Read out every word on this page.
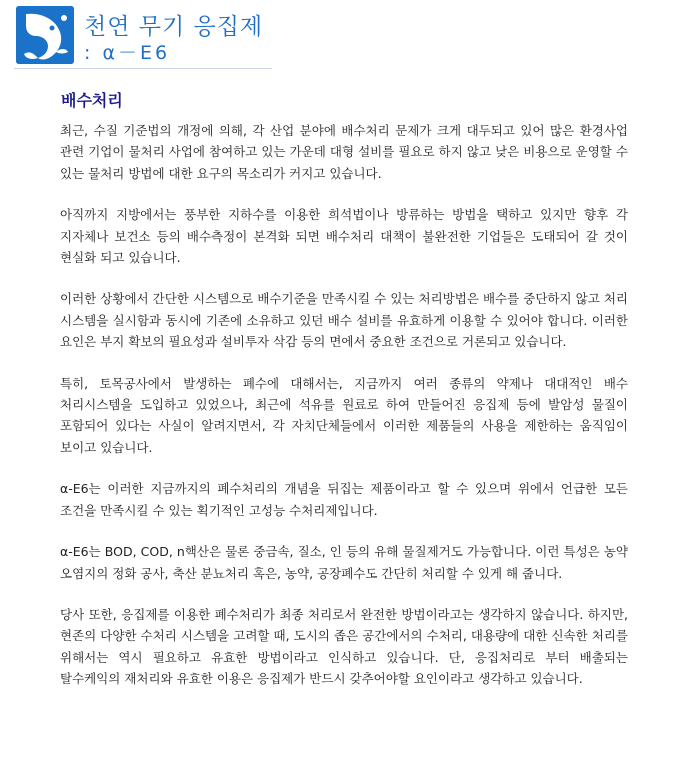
천연 무기 응집제
: α－E6
배수처리

최근, 수질 기준법의 개정에 의해, 각 산업 분야에 배수처리 문제가 크게 대두되고 있어 많은 환경사업 관련 기업이 물처리 사업에 참여하고 있는 가운데 대형 설비를 필요로 하지 않고 낮은 비용으로 운영할 수 있는 물처리 방법에 대한 요구의 목소리가 커지고 있습니다.

아직까지 지방에서는 풍부한 지하수를 이용한 희석법이나 방류하는 방법을 택하고 있지만 향후 각 지자체나 보건소 등의 배수측정이 본격화 되면 배수처리 대책이 불완전한 기업들은 도태되어 갈 것이 현실화 되고 있습니다.

이러한 상황에서 간단한 시스템으로 배수기준을 만족시킬 수 있는 처리방법은 배수를 중단하지 않고 처리 시스템을 실시함과 동시에 기존에 소유하고 있던 배수 설비를 유효하게 이용할 수 있어야 합니다. 이러한 요인은 부지 확보의 필요성과 설비투자 삭감 등의 면에서 중요한 조건으로 거론되고 있습니다.

특히, 토목공사에서 발생하는 폐수에 대해서는, 지금까지 여러 종류의 약제나 대대적인 배수 처리시스템을 도입하고 있었으나, 최근에 석유를 원료로 하여 만들어진 응집제 등에 발암성 물질이 포함되어 있다는 사실이 알려지면서, 각 자치단체들에서 이러한 제품들의 사용을 제한하는 움직임이 보이고 있습니다.

α-E6는 이러한 지금까지의 폐수처리의 개념을 뒤집는 제품이라고 할 수 있으며 위에서 언급한 모든 조건을 만족시킬 수 있는 획기적인 고성능 수처리제입니다.

α-E6는 BOD, COD, n핵산은 물론 중금속, 질소, 인 등의 유해 물질제거도 가능합니다. 이런 특성은 농약 오염지의 정화 공사, 축산 분뇨처리 혹은, 농약, 공장폐수도 간단히 처리할 수 있게 해 줍니다.

당사 또한, 응집제를 이용한 폐수처리가 최종 처리로서 완전한 방법이라고는 생각하지 않습니다. 하지만, 현존의 다양한 수처리 시스템을 고려할 때, 도시의 좁은 공간에서의 수처리, 대용량에 대한 신속한 처리를 위해서는 역시 필요하고 유효한 방법이라고 인식하고 있습니다. 단, 응집처리로 부터 배출되는 탈수케익의 재처리와 유효한 이용은 응집제가 반드시 갖추어야할 요인이라고 생각하고 있습니다.
